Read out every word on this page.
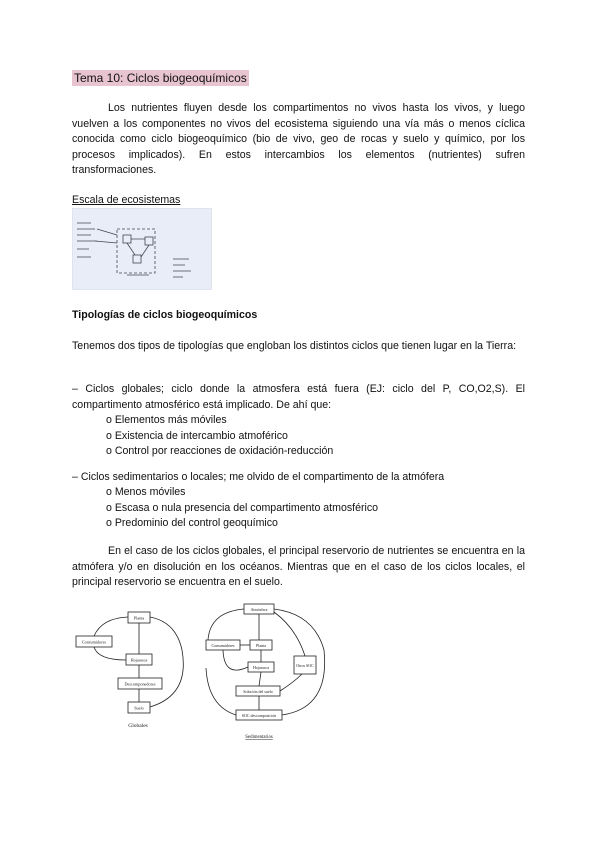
Tema 10: Ciclos biogeoquímicos
Los nutrientes fluyen desde los compartimentos no vivos hasta los vivos, y luego vuelven a los componentes no vivos del ecosistema siguiendo una vía más o menos cíclica conocida como ciclo biogeoquímico (bio de vivo, geo de rocas y suelo y químico, por los procesos implicados). En estos intercambios los elementos (nutrientes) sufren transformaciones.
Escala de ecosistemas
Tipologías de ciclos biogeoquímicos
Tenemos dos tipos de tipologías que engloban los distintos ciclos que tienen lugar en la Tierra:
– Ciclos globales; ciclo donde la atmosfera está fuera (EJ: ciclo del P, CO,O2,S). El compartimento atmosférico está implicado. De ahí que:
o Elementos más móviles
o Existencia de intercambio atmoférico
o Control por reacciones de oxidación-reducción
– Ciclos sedimentarios o locales; me olvido de el compartimento de la atmófera
o Menos móviles
o Escasa o nula presencia del compartimento atmosférico
o Predominio del control geoquímico
En el caso de los ciclos globales, el principal reservorio de nutrientes se encuentra en la atmófera y/o en disolución en los océanos. Mientras que en el caso de los ciclos locales, el principal reservorio se encuentra en el suelo.
Planta
Consumidores
Hojarasca
Descomponedores
Suelo
Globales
Atmósfera
Consumidores	Planta
Hojarasca
Solución del suelo
Otros SOC
SOC descomposición
Sedimentarios
